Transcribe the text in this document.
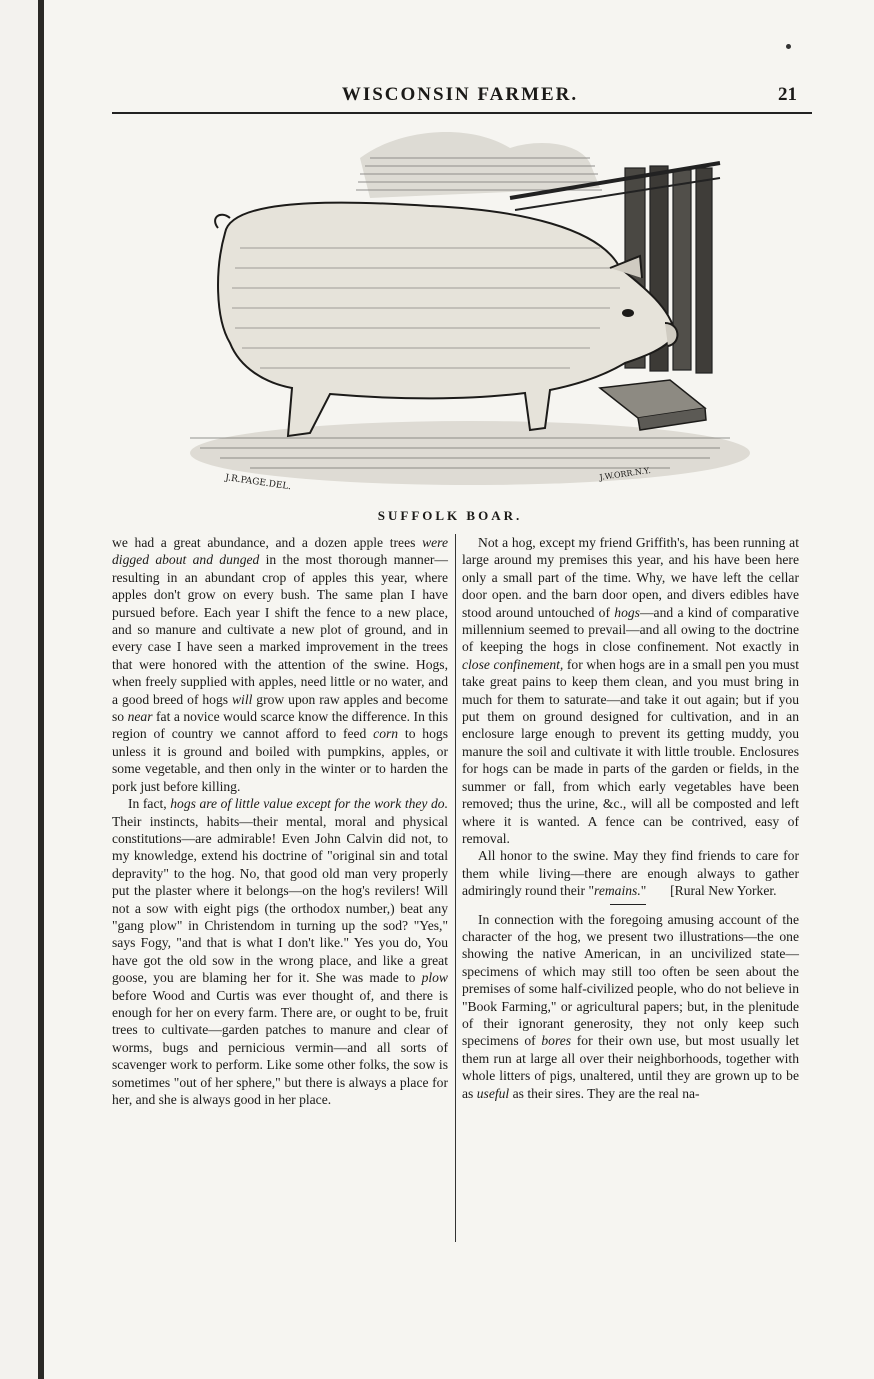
WISCONSIN FARMER.	21
J.R.PAGE.DEL.	J.W.ORR.N.Y.
SUFFOLK BOAR.

we had a great abundance, and a dozen apple trees were digged about and dunged in the most thorough manner—resulting in an abundant crop of apples this year, where apples don't grow on every bush. The same plan I have pursued before. Each year I shift the fence to a new place, and so manure and cultivate a new plot of ground, and in every case I have seen a marked improvement in the trees that were honored with the attention of the swine. Hogs, when freely supplied with apples, need little or no water, and a good breed of hogs will grow upon raw apples and become so near fat a novice would scarce know the difference. In this region of country we cannot afford to feed corn to hogs unless it is ground and boiled with pumpkins, apples, or some vegetable, and then only in the winter or to harden the pork just before killing.

In fact, hogs are of little value except for the work they do. Their instincts, habits—their mental, moral and physical constitutions—are admirable! Even John Calvin did not, to my knowledge, extend his doctrine of "original sin and total depravity" to the hog. No, that good old man very properly put the plaster where it belongs—on the hog's revilers! Will not a sow with eight pigs (the orthodox number,) beat any "gang plow" in Christendom in turning up the sod? "Yes," says Fogy, "and that is what I don't like." Yes you do, You have got the old sow in the wrong place, and like a great goose, you are blaming her for it. She was made to plow before Wood and Curtis was ever thought of, and there is enough for her on every farm. There are, or ought to be, fruit trees to cultivate—garden patches to manure and clear of worms, bugs and pernicious vermin—and all sorts of scavenger work to perform. Like some other folks, the sow is sometimes "out of her sphere," but there is always a place for her, and she is always good in her place.

Not a hog, except my friend Griffith's, has been running at large around my premises this year, and his have been here only a small part of the time. Why, we have left the cellar door open. and the barn door open, and divers edibles have stood around untouched of hogs—and a kind of comparative millennium seemed to prevail—and all owing to the doctrine of keeping the hogs in close confinement. Not exactly in close confinement, for when hogs are in a small pen you must take great pains to keep them clean, and you must bring in much for them to saturate—and take it out again; but if you put them on ground designed for cultivation, and in an enclosure large enough to prevent its getting muddy, you manure the soil and cultivate it with little trouble. Enclosures for hogs can be made in parts of the garden or fields, in the summer or fall, from which early vegetables have been removed; thus the urine, &c., will all be composted and left where it is wanted. A fence can be contrived, easy of removal.

All honor to the swine. May they find friends to care for them while living—there are enough always to gather admiringly round their "remains." [Rural New Yorker.

In connection with the foregoing amusing account of the character of the hog, we present two illustrations—the one showing the native American, in an uncivilized state—specimens of which may still too often be seen about the premises of some half-civilized people, who do not believe in "Book Farming," or agricultural papers; but, in the plenitude of their ignorant generosity, they not only keep such specimens of bores for their own use, but most usually let them run at large all over their neighborhoods, together with whole litters of pigs, unaltered, until they are grown up to be as useful as their sires. They are the real na-
